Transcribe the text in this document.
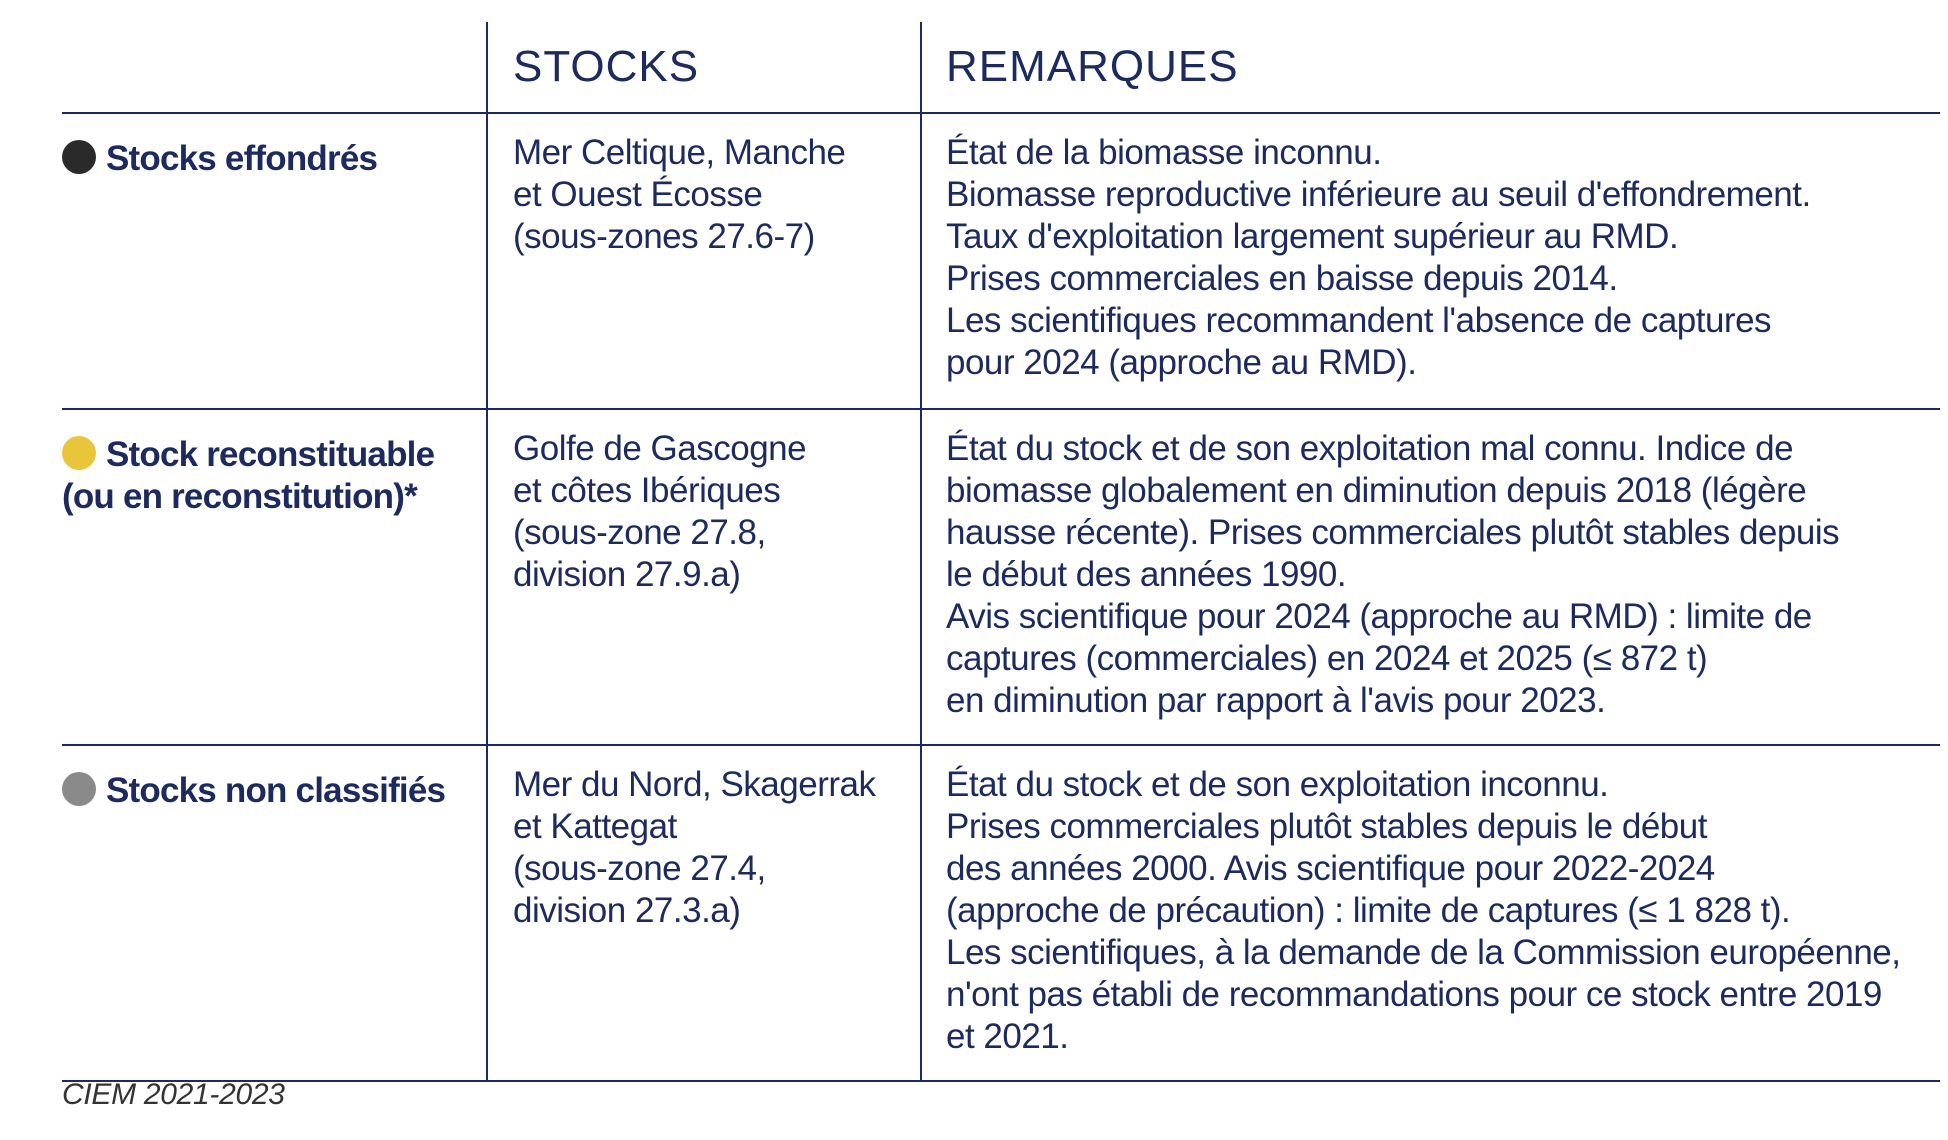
STOCKS	REMARQUES
Stocks effondrés	Mer Celtique, Manche
et Ouest Écosse
(sous-zones 27.6-7)
État de la biomasse inconnu.
Biomasse reproductive inférieure au seuil d'effondrement.
Taux d'exploitation largement supérieur au RMD.
Prises commerciales en baisse depuis 2014.
Les scientifiques recommandent l'absence de captures
pour 2024 (approche au RMD).
Stock reconstituable
(ou en reconstitution)*
Golfe de Gascogne
et côtes Ibériques
(sous-zone 27.8,
division 27.9.a)
État du stock et de son exploitation mal connu. Indice de
biomasse globalement en diminution depuis 2018 (légère
hausse récente). Prises commerciales plutôt stables depuis
le début des années 1990.
Avis scientifique pour 2024 (approche au RMD) : limite de
captures (commerciales) en 2024 et 2025 (≤ 872 t)
en diminution par rapport à l'avis pour 2023.
Stocks non classifiés Mer du Nord, Skagerrak
et Kattegat
(sous-zone 27.4,
division 27.3.a)
État du stock et de son exploitation inconnu.
Prises commerciales plutôt stables depuis le début
des années 2000. Avis scientifique pour 2022-2024
(approche de précaution) : limite de captures (≤ 1 828 t).
Les scientifiques, à la demande de la Commission européenne,
n'ont pas établi de recommandations pour ce stock entre 2019
et 2021.
CIEM 2021-2023
